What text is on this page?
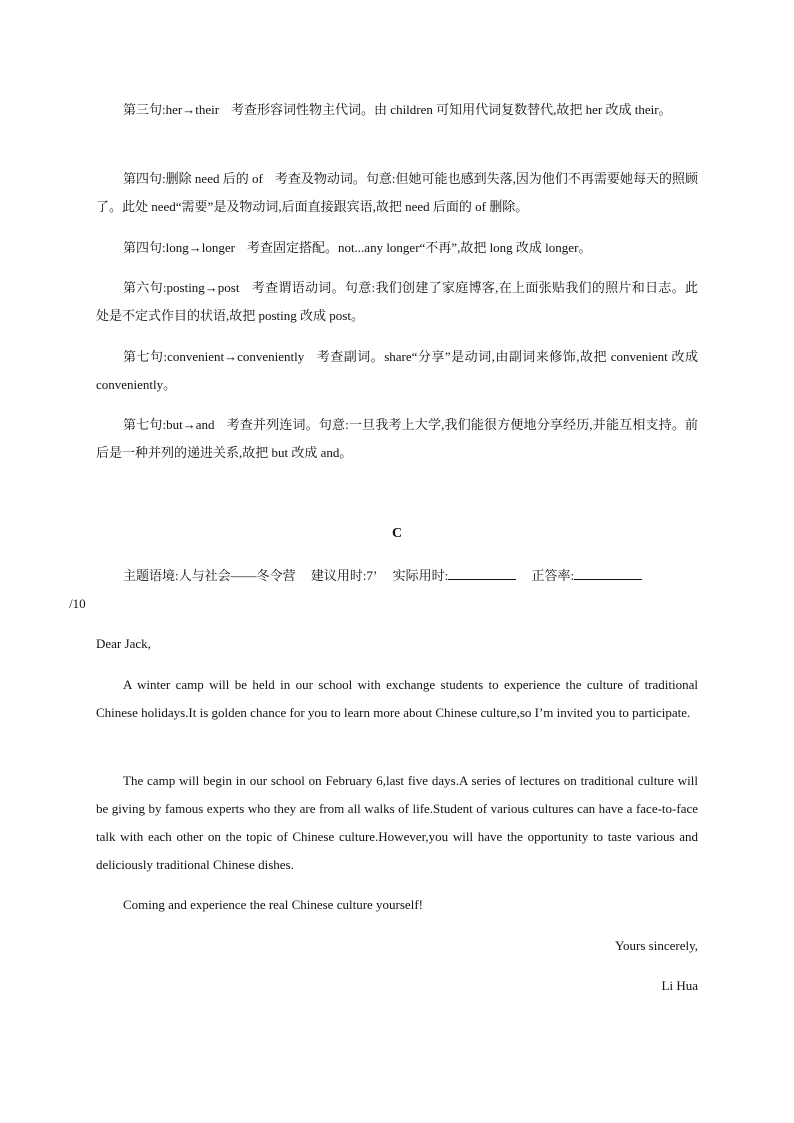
第三句:her→their 考查形容词性物主代词。由 children 可知用代词复数替代,故把 her 改成 their。

第四句:删除 need 后的 of 考查及物动词。句意:但她可能也感到失落,因为他们不再需要她每天的照顾了。此处 need“需要”是及物动词,后面直接跟宾语,故把 need 后面的 of 删除。

第四句:long→longer 考查固定搭配。not...any longer“不再”,故把 long 改成 longer。

第六句:posting→post 考查谓语动词。句意:我们创建了家庭博客,在上面张贴我们的照片和日志。此处是不定式作目的状语,故把 posting 改成 post。

第七句:convenient→conveniently 考查副词。share“分享”是动词,由副词来修饰,故把 convenient 改成 conveniently。

第七句:but→and 考查并列连词。句意:一旦我考上大学,我们能很方便地分享经历,并能互相支持。前后是一种并列的递进关系,故把 but 改成 and。

C

主题语境:人与社会——冬令营 建议用时:7’ 实际用时:	正答率:
/10

Dear Jack,

A winter camp will be held in our school with exchange students to experience the culture of traditional Chinese holidays.It is golden chance for you to learn more about Chinese culture,so I’m invited you to participate.

The camp will begin in our school on February 6,last five days.A series of lectures on traditional culture will be giving by famous experts who they are from all walks of life.Student of various cultures can have a face-to-face talk with each other on the topic of Chinese culture.However,you will have the opportunity to taste various and deliciously traditional Chinese dishes.

Coming and experience the real Chinese culture yourself!

Yours sincerely,

Li Hua
